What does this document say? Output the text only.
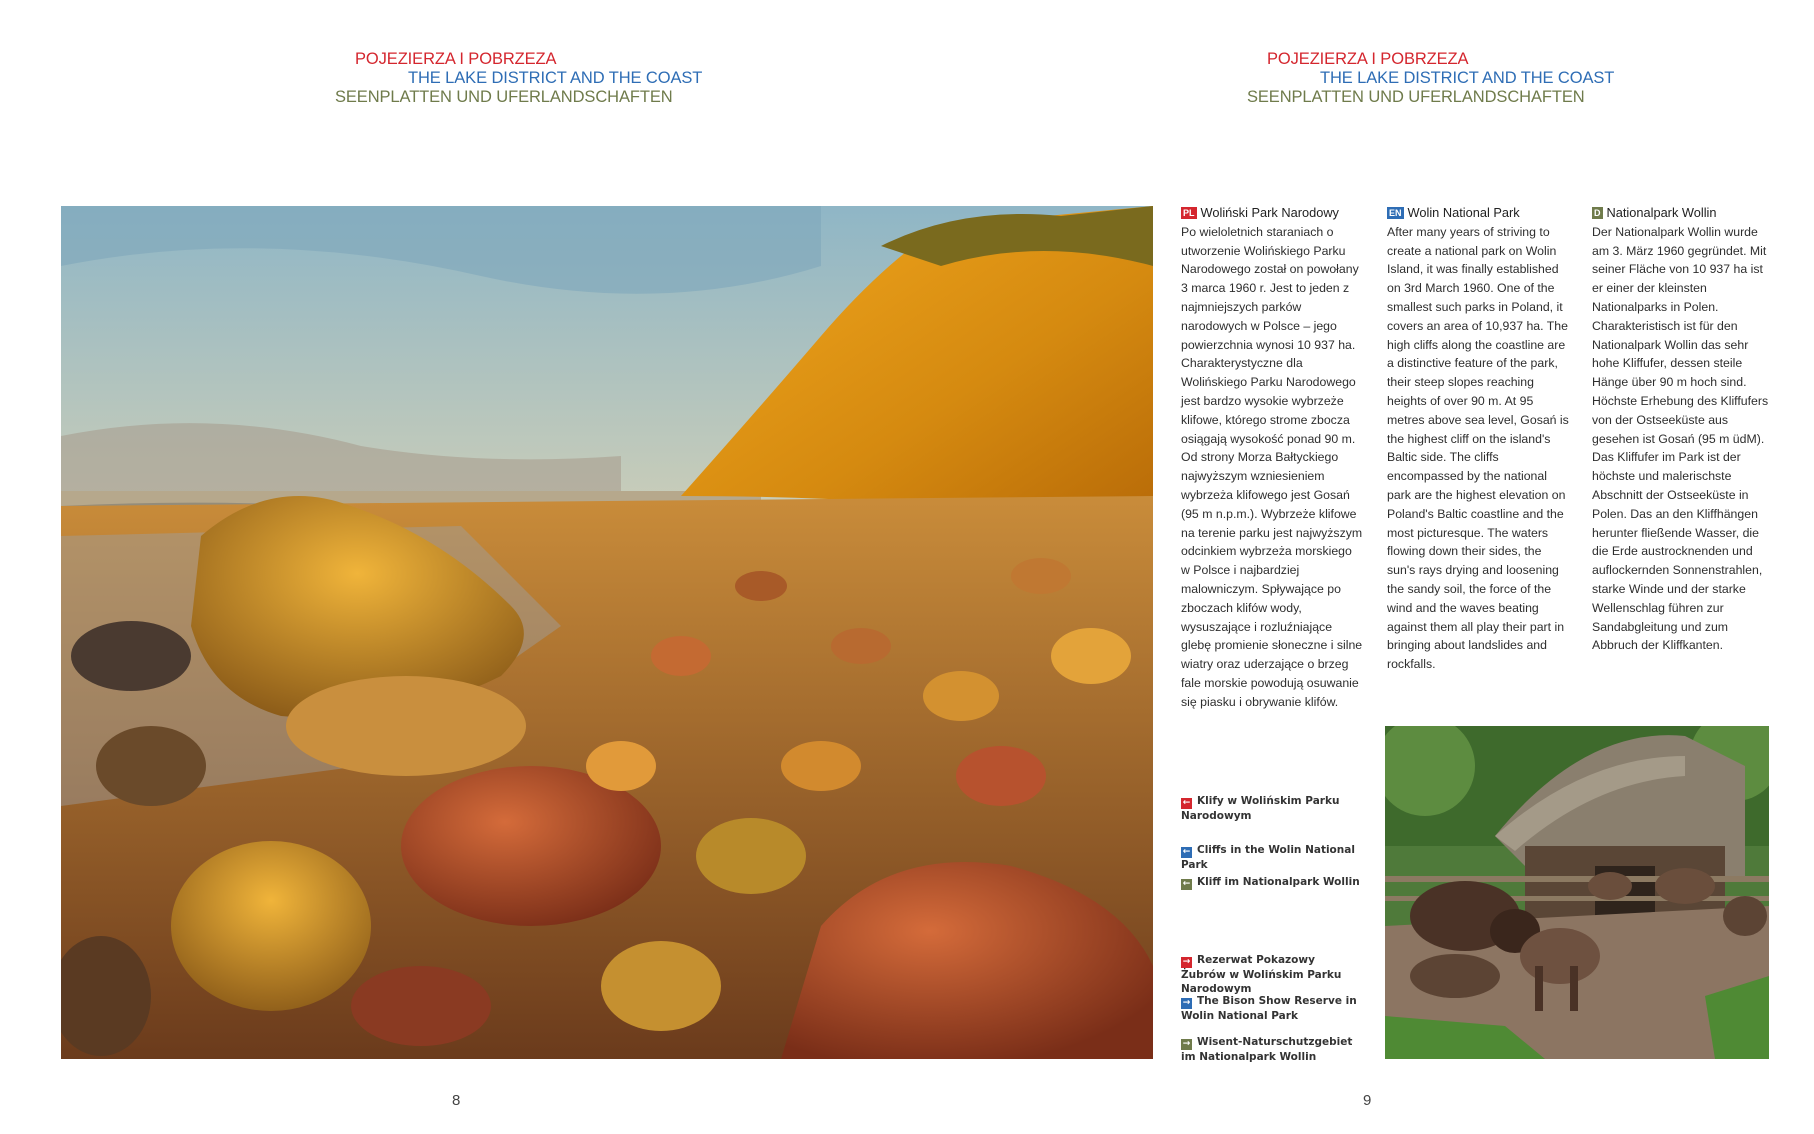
POJEZIERZA I POBRZEZA
THE LAKE DISTRICT AND THE COAST
SEENPLATTEN UND UFERLANDSCHAFTEN
POJEZIERZA I POBRZEZA
THE LAKE DISTRICT AND THE COAST
SEENPLATTEN UND UFERLANDSCHAFTEN
PL Woliński Park Narodowy
Po wieloletnich staraniach o utworzenie Wolińskiego Parku Narodowego został on powołany 3 marca 1960 r. Jest to jeden z najmniejszych parków narodowych w Polsce – jego powierzchnia wynosi 10 937 ha. Charakterystyczne dla Wolińskiego Parku Narodowego jest bardzo wysokie wybrzeże klifowe, którego strome zbocza osiągają wysokość ponad 90 m. Od strony Morza Bałtyckiego najwyższym wzniesieniem wybrzeża klifowego jest Gosań (95 m n.p.m.). Wybrzeże klifowe na terenie parku jest najwyższym odcinkiem wybrzeża morskiego w Polsce i najbardziej malowniczym. Spływające po zboczach klifów wody, wysuszające i rozluźniające glebę promienie słoneczne i silne wiatry oraz uderzające o brzeg fale morskie powodują osuwanie się piasku i obrywanie klifów.
EN Wolin National Park
After many years of striving to create a national park on Wolin Island, it was finally established on 3rd March 1960. One of the smallest such parks in Poland, it covers an area of 10,937 ha. The high cliffs along the coastline are a distinctive feature of the park, their steep slopes reaching heights of over 90 m. At 95 metres above sea level, Gosań is the highest cliff on the island's Baltic side. The cliffs encompassed by the national park are the highest elevation on Poland's Baltic coastline and the most picturesque. The waters flowing down their sides, the sun's rays drying and loosening the sandy soil, the force of the wind and the waves beating against them all play their part in bringing about landslides and rockfalls.
D Nationalpark Wollin
Der Nationalpark Wollin wurde am 3. März 1960 gegründet. Mit seiner Fläche von 10 937 ha ist er einer der kleinsten Nationalparks in Polen. Charakteristisch ist für den Nationalpark Wollin das sehr hohe Kliffufer, dessen steile Hänge über 90 m hoch sind. Höchste Erhebung des Kliffufers von der Ostseeküste aus gesehen ist Gosań (95 m üdM). Das Kliffufer im Park ist der höchste und malerischste Abschnitt der Ostseeküste in Polen. Das an den Kliffhängen herunter fließende Wasser, die die Erde austrocknenden und auflockernden Sonnenstrahlen, starke Winde und der starke Wellenschlag führen zur Sandabgleitung und zum Abbruch der Kliffkanten.
← Klify w Wolińskim Parku Narodowym
← Cliffs in the Wolin National Park
← Kliff im Nationalpark Wollin
→ Rezerwat Pokazowy Żubrów w Wolińskim Parku Narodowym
→ The Bison Show Reserve in Wolin National Park
→ Wisent-Naturschutzgebiet im Nationalpark Wollin
8	9
